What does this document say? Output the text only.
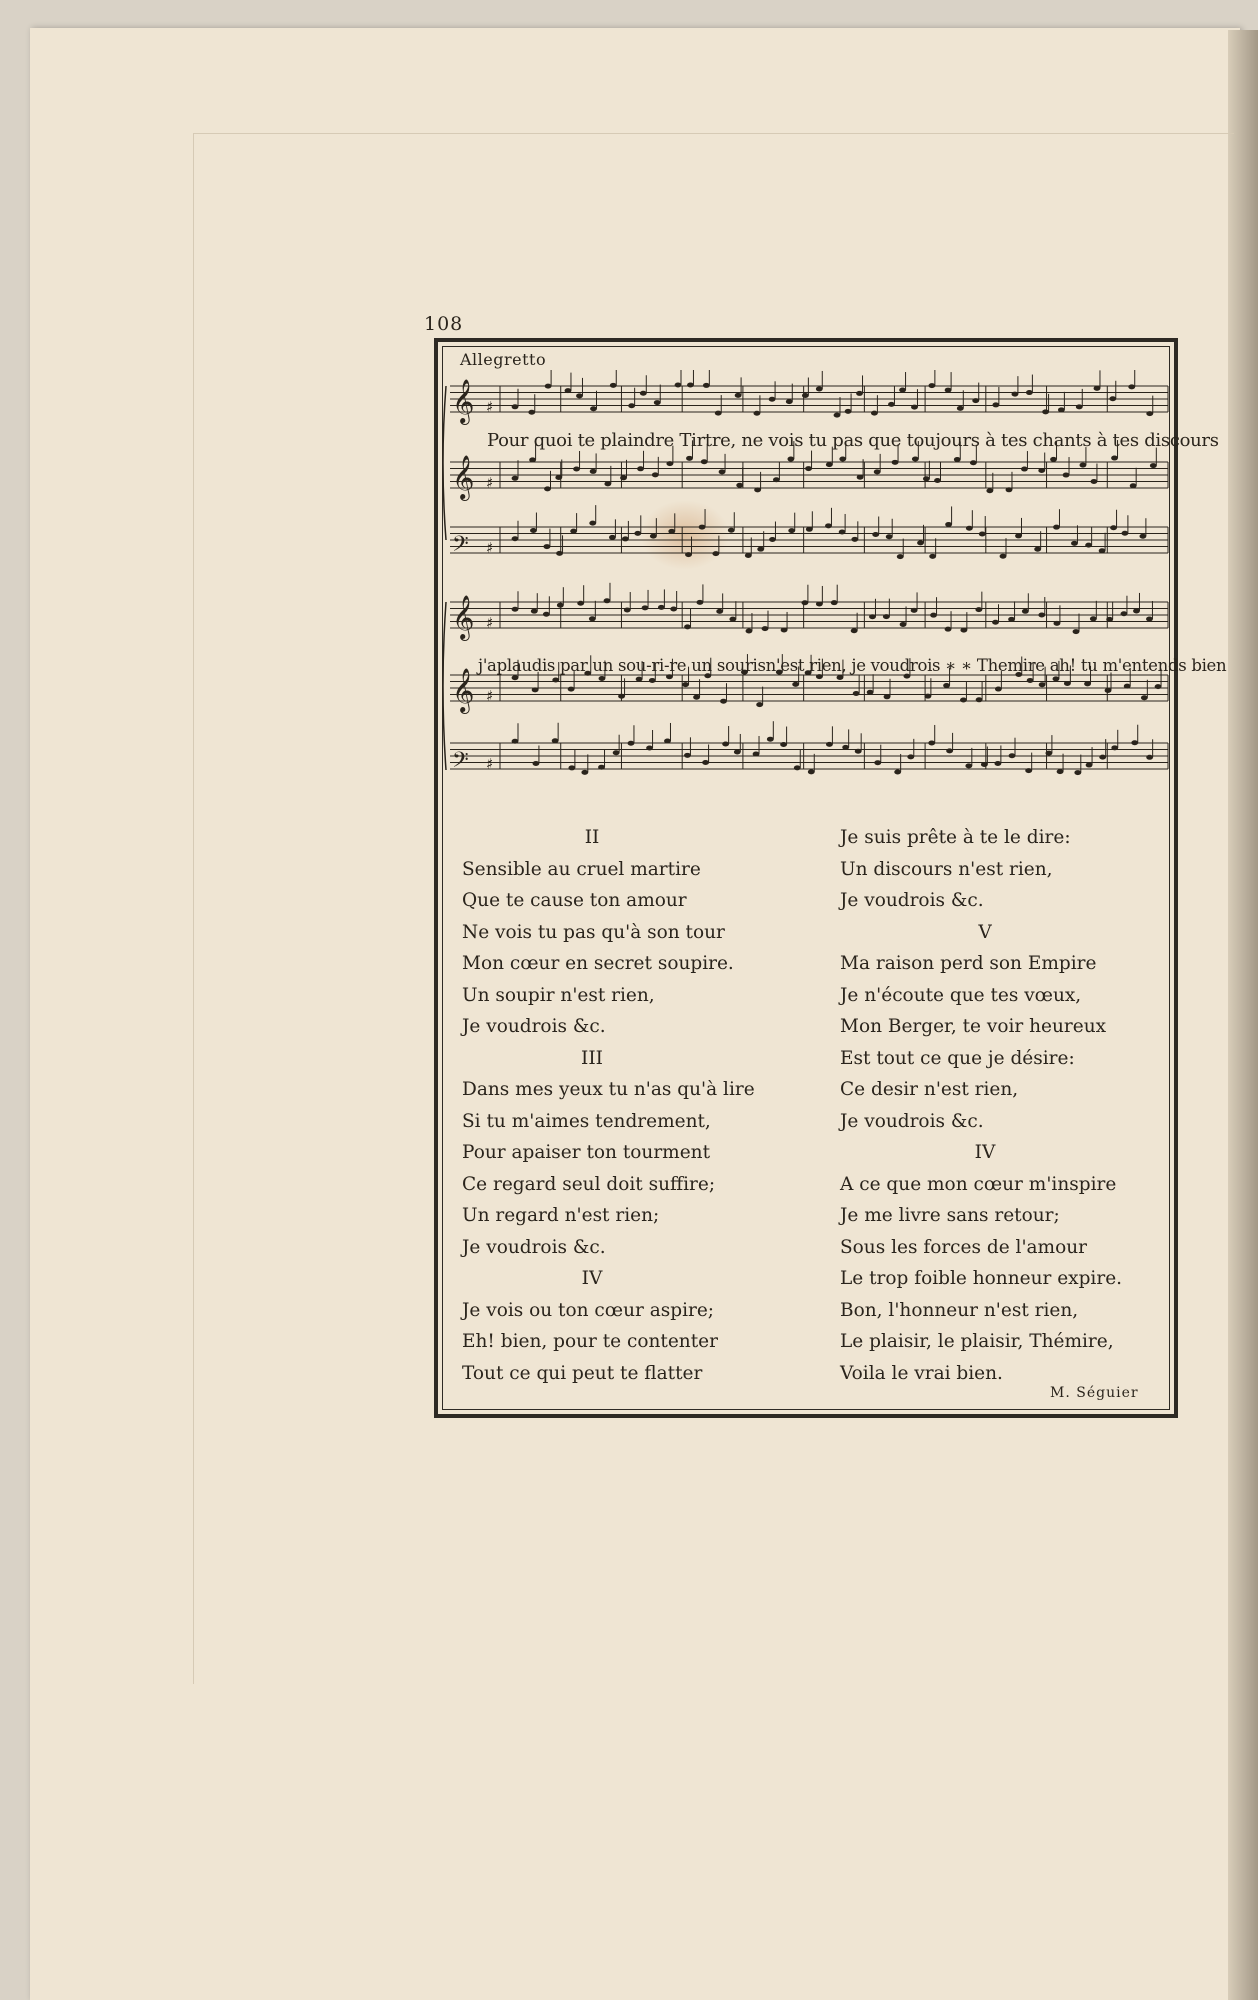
108
Allegretto
𝄞 ♯
𝄞 ♯
𝄢 ♯
𝄞 ♯
𝄞 ♯
𝄢 ♯
Pour quoi te plaindre Tirtre, ne vois tu pas que toujours à tes chants à tes discours
j'aplaudis par un sou-ri-re un sourisn'est rien, je voudrois ∗ ∗ Themire ah! tu m'entends bien
II
Sensible au cruel martire
Que te cause ton amour
Ne vois tu pas qu'à son tour
Mon cœur en secret soupire.
Un soupir n'est rien,
Je voudrois &c.
III
Dans mes yeux tu n'as qu'à lire
Si tu m'aimes tendrement,
Pour apaiser ton tourment
Ce regard seul doit suffire;
Un regard n'est rien;
Je voudrois &c.
IV
Je vois ou ton cœur aspire;
Eh! bien, pour te contenter
Tout ce qui peut te flatter
Je suis prête à te le dire:
Un discours n'est rien,
Je voudrois &c.
V
Ma raison perd son Empire
Je n'écoute que tes vœux,
Mon Berger, te voir heureux
Est tout ce que je désire:
Ce desir n'est rien,
Je voudrois &c.
IV
A ce que mon cœur m'inspire
Je me livre sans retour;
Sous les forces de l'amour
Le trop foible honneur expire.
Bon, l'honneur n'est rien,
Le plaisir, le plaisir, Thémire,
Voila le vrai bien.
M. Séguier
